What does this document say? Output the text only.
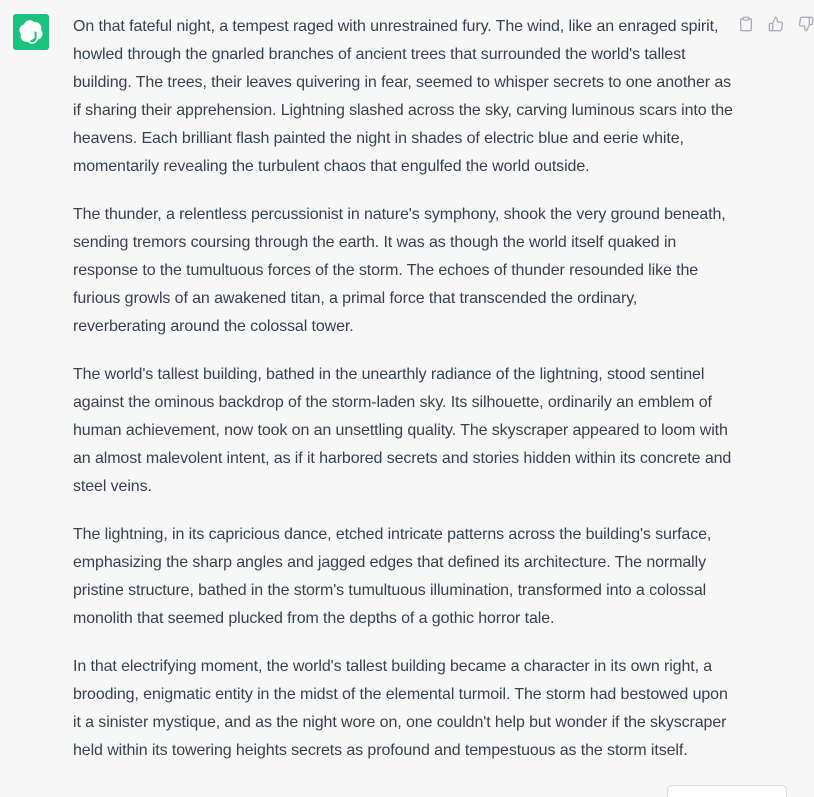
On that fateful night, a tempest raged with unrestrained fury. The wind, like an enraged spirit, howled through the gnarled branches of ancient trees that surrounded the world's tallest building. The trees, their leaves quivering in fear, seemed to whisper secrets to one another as if sharing their apprehension. Lightning slashed across the sky, carving luminous scars into the heavens. Each brilliant flash painted the night in shades of electric blue and eerie white, momentarily revealing the turbulent chaos that engulfed the world outside.

The thunder, a relentless percussionist in nature's symphony, shook the very ground beneath, sending tremors coursing through the earth. It was as though the world itself quaked in response to the tumultuous forces of the storm. The echoes of thunder resounded like the furious growls of an awakened titan, a primal force that transcended the ordinary, reverberating around the colossal tower.

The world's tallest building, bathed in the unearthly radiance of the lightning, stood sentinel against the ominous backdrop of the storm-laden sky. Its silhouette, ordinarily an emblem of human achievement, now took on an unsettling quality. The skyscraper appeared to loom with an almost malevolent intent, as if it harbored secrets and stories hidden within its concrete and steel veins.

The lightning, in its capricious dance, etched intricate patterns across the building's surface, emphasizing the sharp angles and jagged edges that defined its architecture. The normally pristine structure, bathed in the storm's tumultuous illumination, transformed into a colossal monolith that seemed plucked from the depths of a gothic horror tale.

In that electrifying moment, the world's tallest building became a character in its own right, a brooding, enigmatic entity in the midst of the elemental turmoil. The storm had bestowed upon it a sinister mystique, and as the night wore on, one couldn't help but wonder if the skyscraper held within its towering heights secrets as profound and tempestuous as the storm itself.
